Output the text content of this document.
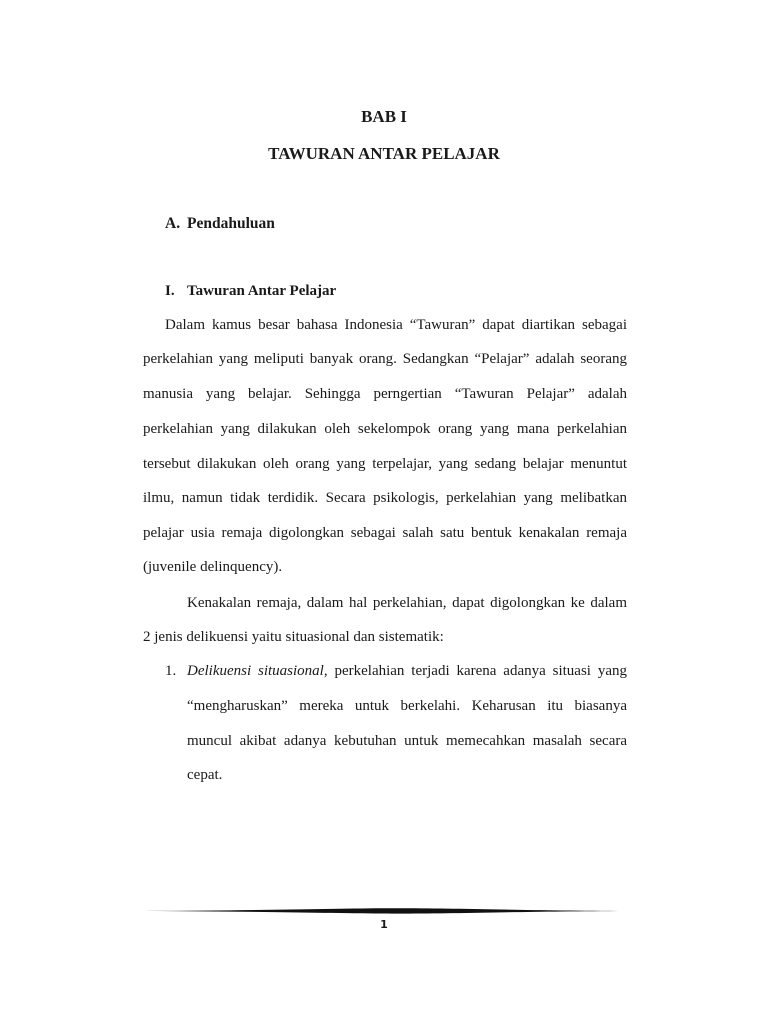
BAB I
TAWURAN ANTAR PELAJAR
A. Pendahuluan
I. Tawuran Antar Pelajar
Dalam kamus besar bahasa Indonesia “Tawuran” dapat diartikan sebagai
perkelahian yang meliputi banyak orang. Sedangkan “Pelajar” adalah seorang
manusia yang belajar. Sehingga perngertian “Tawuran Pelajar” adalah
perkelahian yang dilakukan oleh sekelompok orang yang mana perkelahian
tersebut dilakukan oleh orang yang terpelajar, yang sedang belajar menuntut
ilmu, namun tidak terdidik. Secara psikologis, perkelahian yang melibatkan
pelajar usia remaja digolongkan sebagai salah satu bentuk kenakalan remaja
(juvenile delinquency).
Kenakalan remaja, dalam hal perkelahian, dapat digolongkan ke dalam
2 jenis delikuensi yaitu situasional dan sistematik:
1. Delikuensi situasional, perkelahian terjadi karena adanya situasi yang
“mengharuskan” mereka untuk berkelahi. Keharusan itu biasanya
muncul akibat adanya kebutuhan untuk memecahkan masalah secara
cepat.
1
